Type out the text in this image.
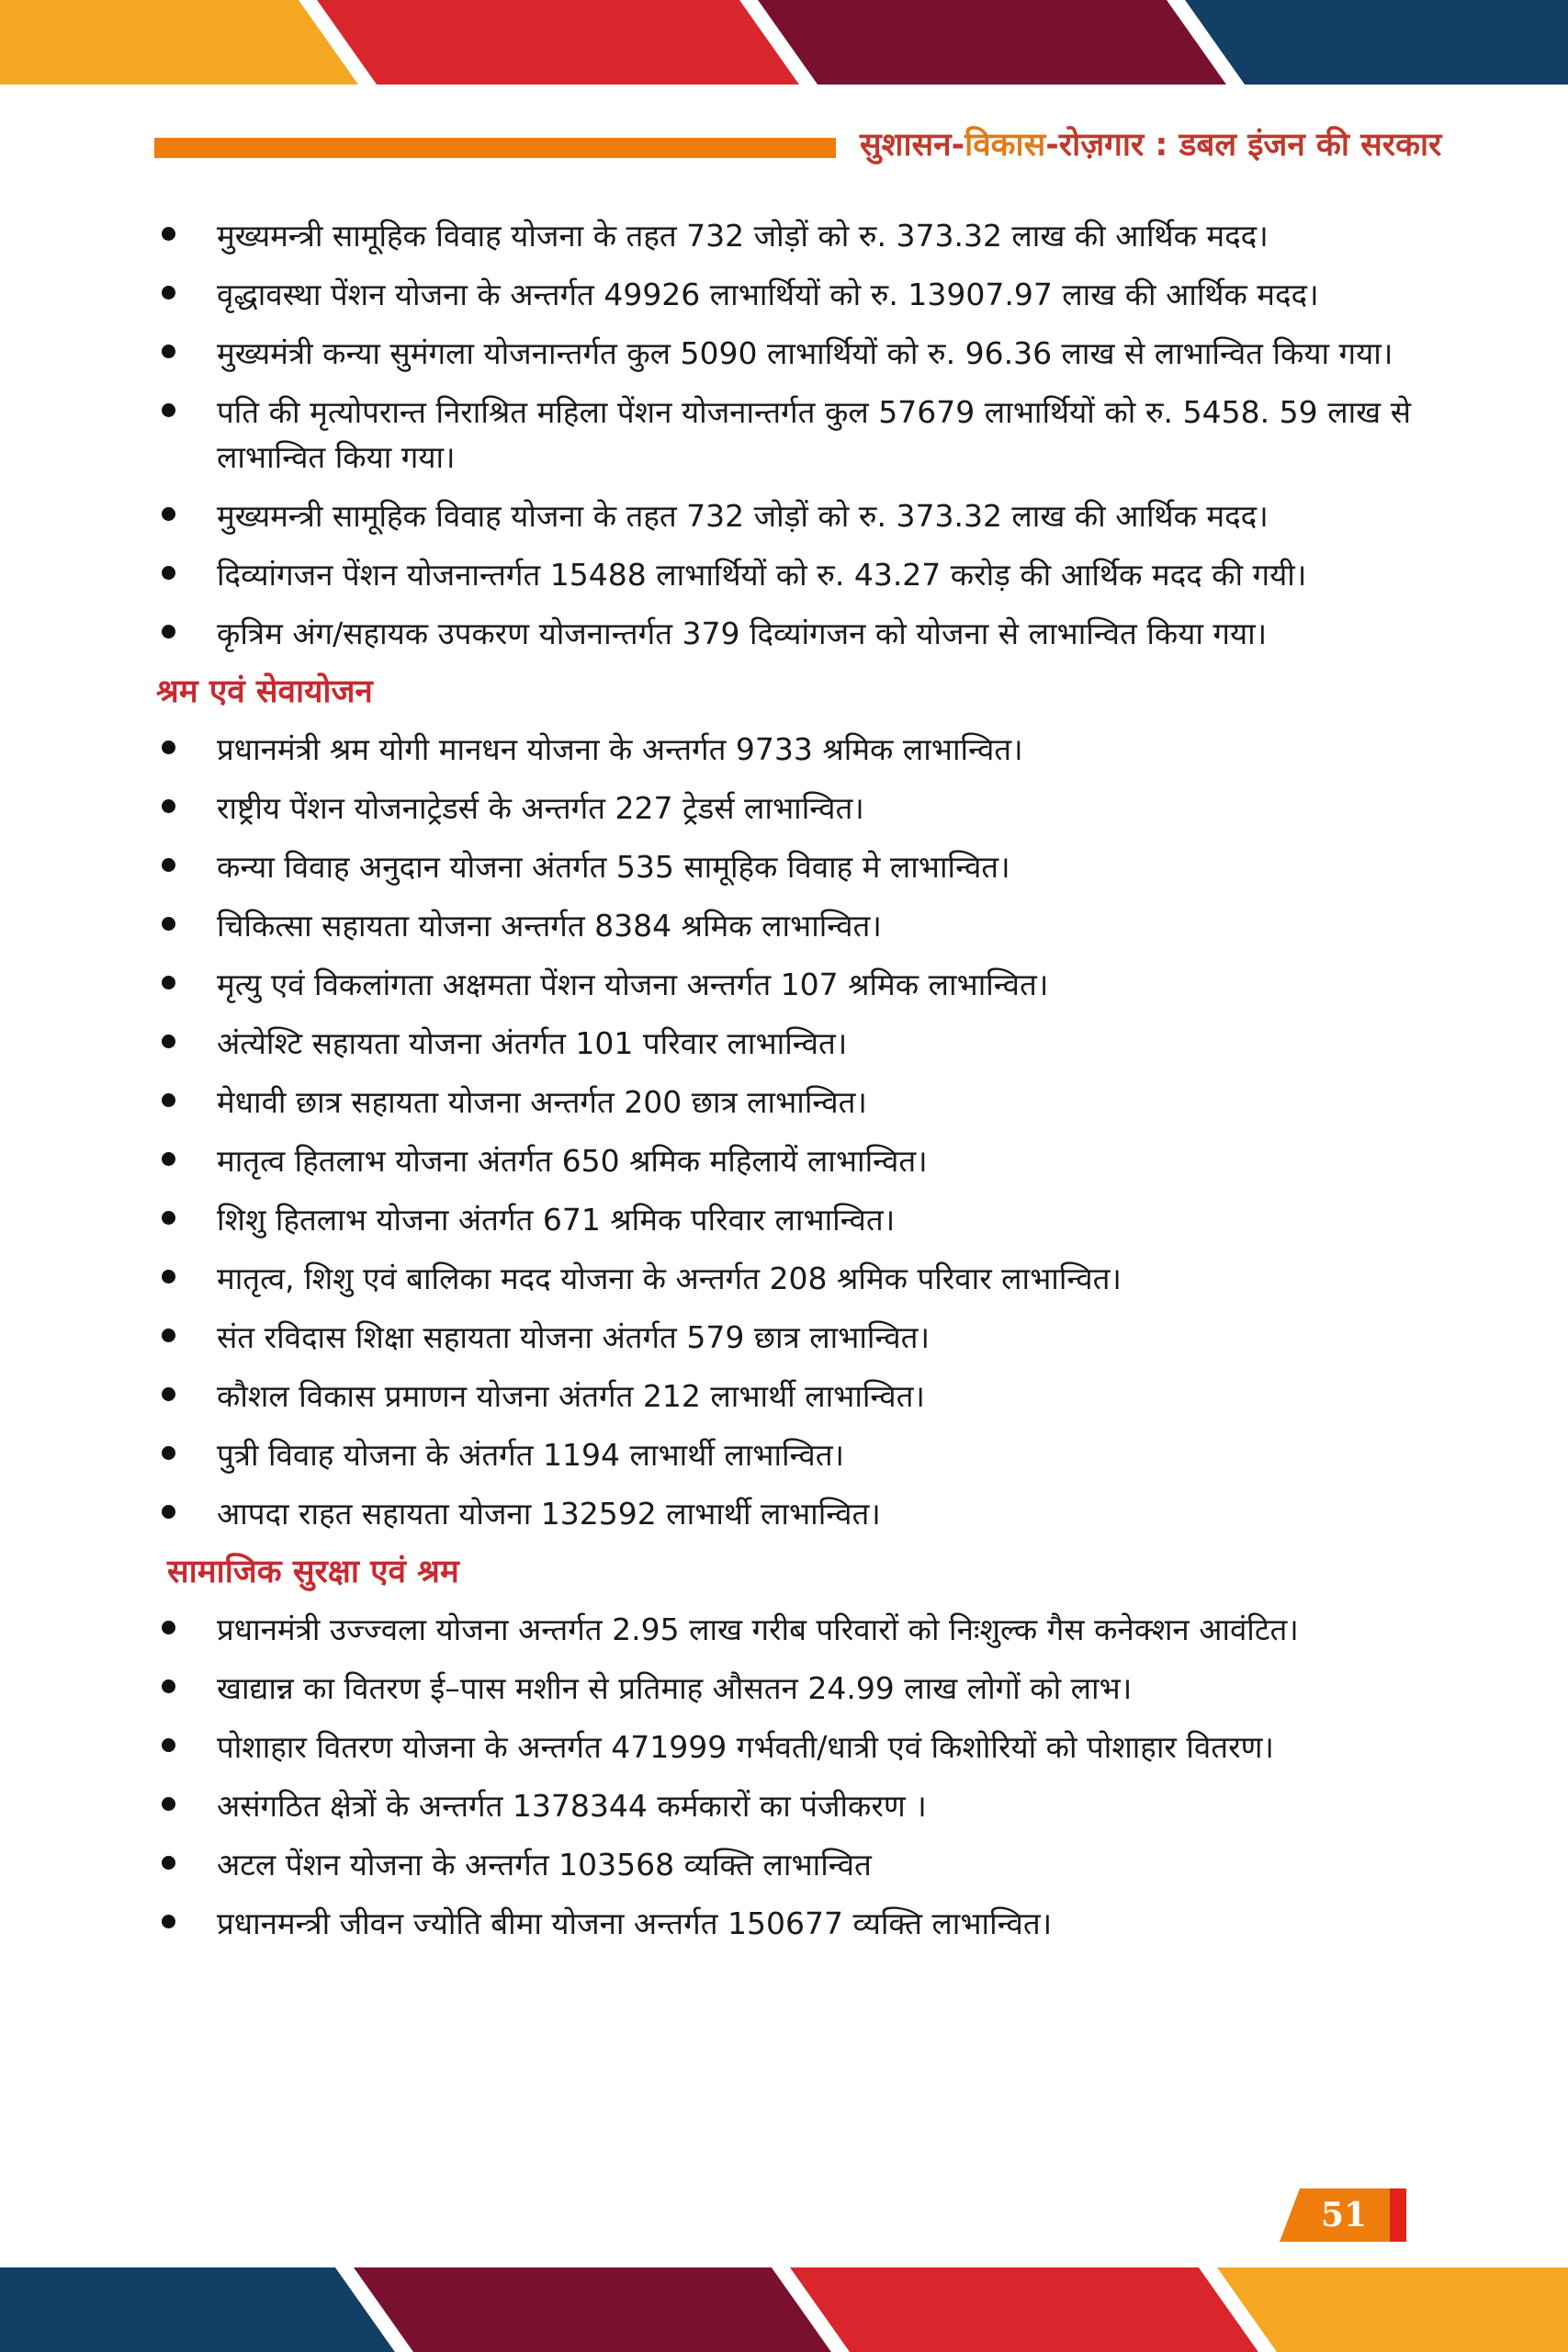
सुशासन-विकास-रोज़गार : डबल इंजन की सरकार
मुख्यमन्त्री सामूहिक विवाह योजना के तहत 732 जोड़ों को रु. 373.32 लाख की आर्थिक मदद।
वृद्धावस्था पेंशन योजना के अन्तर्गत 49926 लाभार्थियों को रु. 13907.97 लाख की आर्थिक मदद।
मुख्यमंत्री कन्या सुमंगला योजनान्तर्गत कुल 5090 लाभार्थियों को रु. 96.36 लाख से लाभान्वित किया गया।
पति की मृत्योपरान्त निराश्रित महिला पेंशन योजनान्तर्गत कुल 57679 लाभार्थियों को रु. 5458. 59 लाख से लाभान्वित किया गया।
मुख्यमन्त्री सामूहिक विवाह योजना के तहत 732 जोड़ों को रु. 373.32 लाख की आर्थिक मदद।
दिव्यांगजन पेंशन योजनान्तर्गत 15488 लाभार्थियों को रु. 43.27 करोड़ की आर्थिक मदद की गयी।
कृत्रिम अंग/सहायक उपकरण योजनान्तर्गत 379 दिव्यांगजन को योजना से लाभान्वित किया गया।
श्रम एवं सेवायोजन
प्रधानमंत्री श्रम योगी मानधन योजना के अन्तर्गत 9733 श्रमिक लाभान्वित।
राष्ट्रीय पेंशन योजनाट्रेडर्स के अन्तर्गत 227 ट्रेडर्स लाभान्वित।
कन्या विवाह अनुदान योजना अंतर्गत 535 सामूहिक विवाह मे लाभान्वित।
चिकित्सा सहायता योजना अन्तर्गत 8384 श्रमिक लाभान्वित।
मृत्यु एवं विकलांगता अक्षमता पेंशन योजना अन्तर्गत 107 श्रमिक लाभान्वित।
अंत्येश्टि सहायता योजना अंतर्गत 101 परिवार लाभान्वित।
मेधावी छात्र सहायता योजना अन्तर्गत 200 छात्र लाभान्वित।
मातृत्व हितलाभ योजना अंतर्गत 650 श्रमिक महिलायें लाभान्वित।
शिशु हितलाभ योजना अंतर्गत 671 श्रमिक परिवार लाभान्वित।
मातृत्व, शिशु एवं बालिका मदद योजना के अन्तर्गत 208 श्रमिक परिवार लाभान्वित।
संत रविदास शिक्षा सहायता योजना अंतर्गत 579 छात्र लाभान्वित।
कौशल विकास प्रमाणन योजना अंतर्गत 212 लाभार्थी लाभान्वित।
पुत्री विवाह योजना के अंतर्गत 1194 लाभार्थी लाभान्वित।
आपदा राहत सहायता योजना 132592 लाभार्थी लाभान्वित।
सामाजिक सुरक्षा एवं श्रम
प्रधानमंत्री उज्ज्वला योजना अन्तर्गत 2.95 लाख गरीब परिवारों को निःशुल्क गैस कनेक्शन आवंटित।
खाद्यान्न का वितरण ई–पास मशीन से प्रतिमाह औसतन 24.99 लाख लोगों को लाभ।
पोशाहार वितरण योजना के अन्तर्गत 471999 गर्भवती/धात्री एवं किशोरियों को पोशाहार वितरण।
असंगठित क्षेत्रों के अन्तर्गत 1378344 कर्मकारों का पंजीकरण ।
अटल पेंशन योजना के अन्तर्गत 103568 व्यक्ति लाभान्वित
प्रधानमन्त्री जीवन ज्योति बीमा योजना अन्तर्गत 150677 व्यक्ति लाभान्वित।
51
